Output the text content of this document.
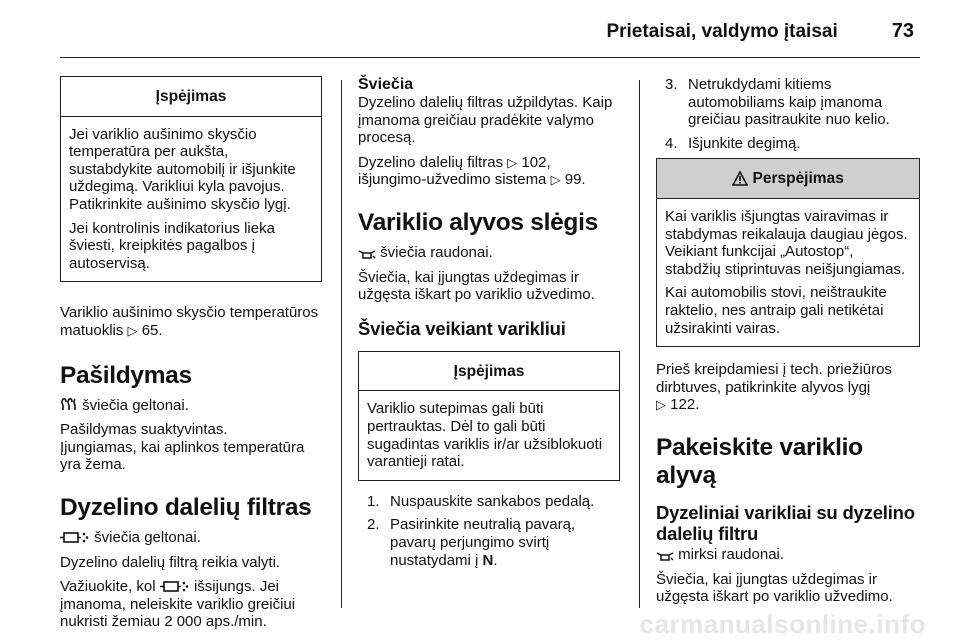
Prietaisai, valdymo įtaisai	73
Įspėjimas

Jei variklio aušinimo skysčio temperatūra per aukšta, sustabdykite automobilį ir išjunkite uždegimą. Varikliui kyla pavojus. Patikrinkite aušinimo skysčio lygį.

Jei kontrolinis indikatorius lieka šviesti, kreipkitės pagalbos į autoservisą.

Variklio aušinimo skysčio temperatūros matuoklis ▷ 65.

Pašildymas

šviečia geltonai.

Pašildymas suaktyvintas.

Įjungiamas, kai aplinkos temperatūra yra žema.

Dyzelino dalelių filtras

šviečia geltonai.

Dyzelino dalelių filtrą reikia valyti.

Važiuokite, kol	išsijungs. Jei įmanoma, neleiskite variklio greičiui nukristi žemiau 2 000 aps./min.

Šviečia

Dyzelino dalelių filtras užpildytas. Kaip įmanoma greičiau pradėkite valymo procesą.

Dyzelino dalelių filtras ▷ 102, išjungimo-užvedimo sistema ▷ 99.

Variklio alyvos slėgis

šviečia raudonai.

Šviečia, kai įjungtas uždegimas ir užgęsta iškart po variklio užvedimo.

Šviečia veikiant varikliui
Įspėjimas

Variklio sutepimas gali būti pertrauktas. Dėl to gali būti sugadintas variklis ir/ar užsiblokuoti varantieji ratai.

1. Nuspauskite sankabos pedalą.
2. Pasirinkite neutralią pavarą, pavarų perjungimo svirtį nustatydami į N.
3. Netrukdydami kitiems automobiliams kaip įmanoma greičiau pasitraukite nuo kelio.
4. Išjunkite degimą.
Perspėjimas

Kai variklis išjungtas vairavimas ir stabdymas reikalauja daugiau jėgos. Veikiant funkcijai „Autostop“, stabdžių stiprintuvas neišjungiamas.

Kai automobilis stovi, neištraukite raktelio, nes antraip gali netikėtai užsirakinti vairas.

Prieš kreipdamiesi į tech. priežiūros dirbtuves, patikrinkite alyvos lygį
▷ 122.

Pakeiskite variklio alyvą
Dyzeliniai varikliai su dyzelino dalelių filtru

mirksi raudonai.

Šviečia, kai įjungtas uždegimas ir užgęsta iškart po variklio užvedimo.

carmanualsonline.info
